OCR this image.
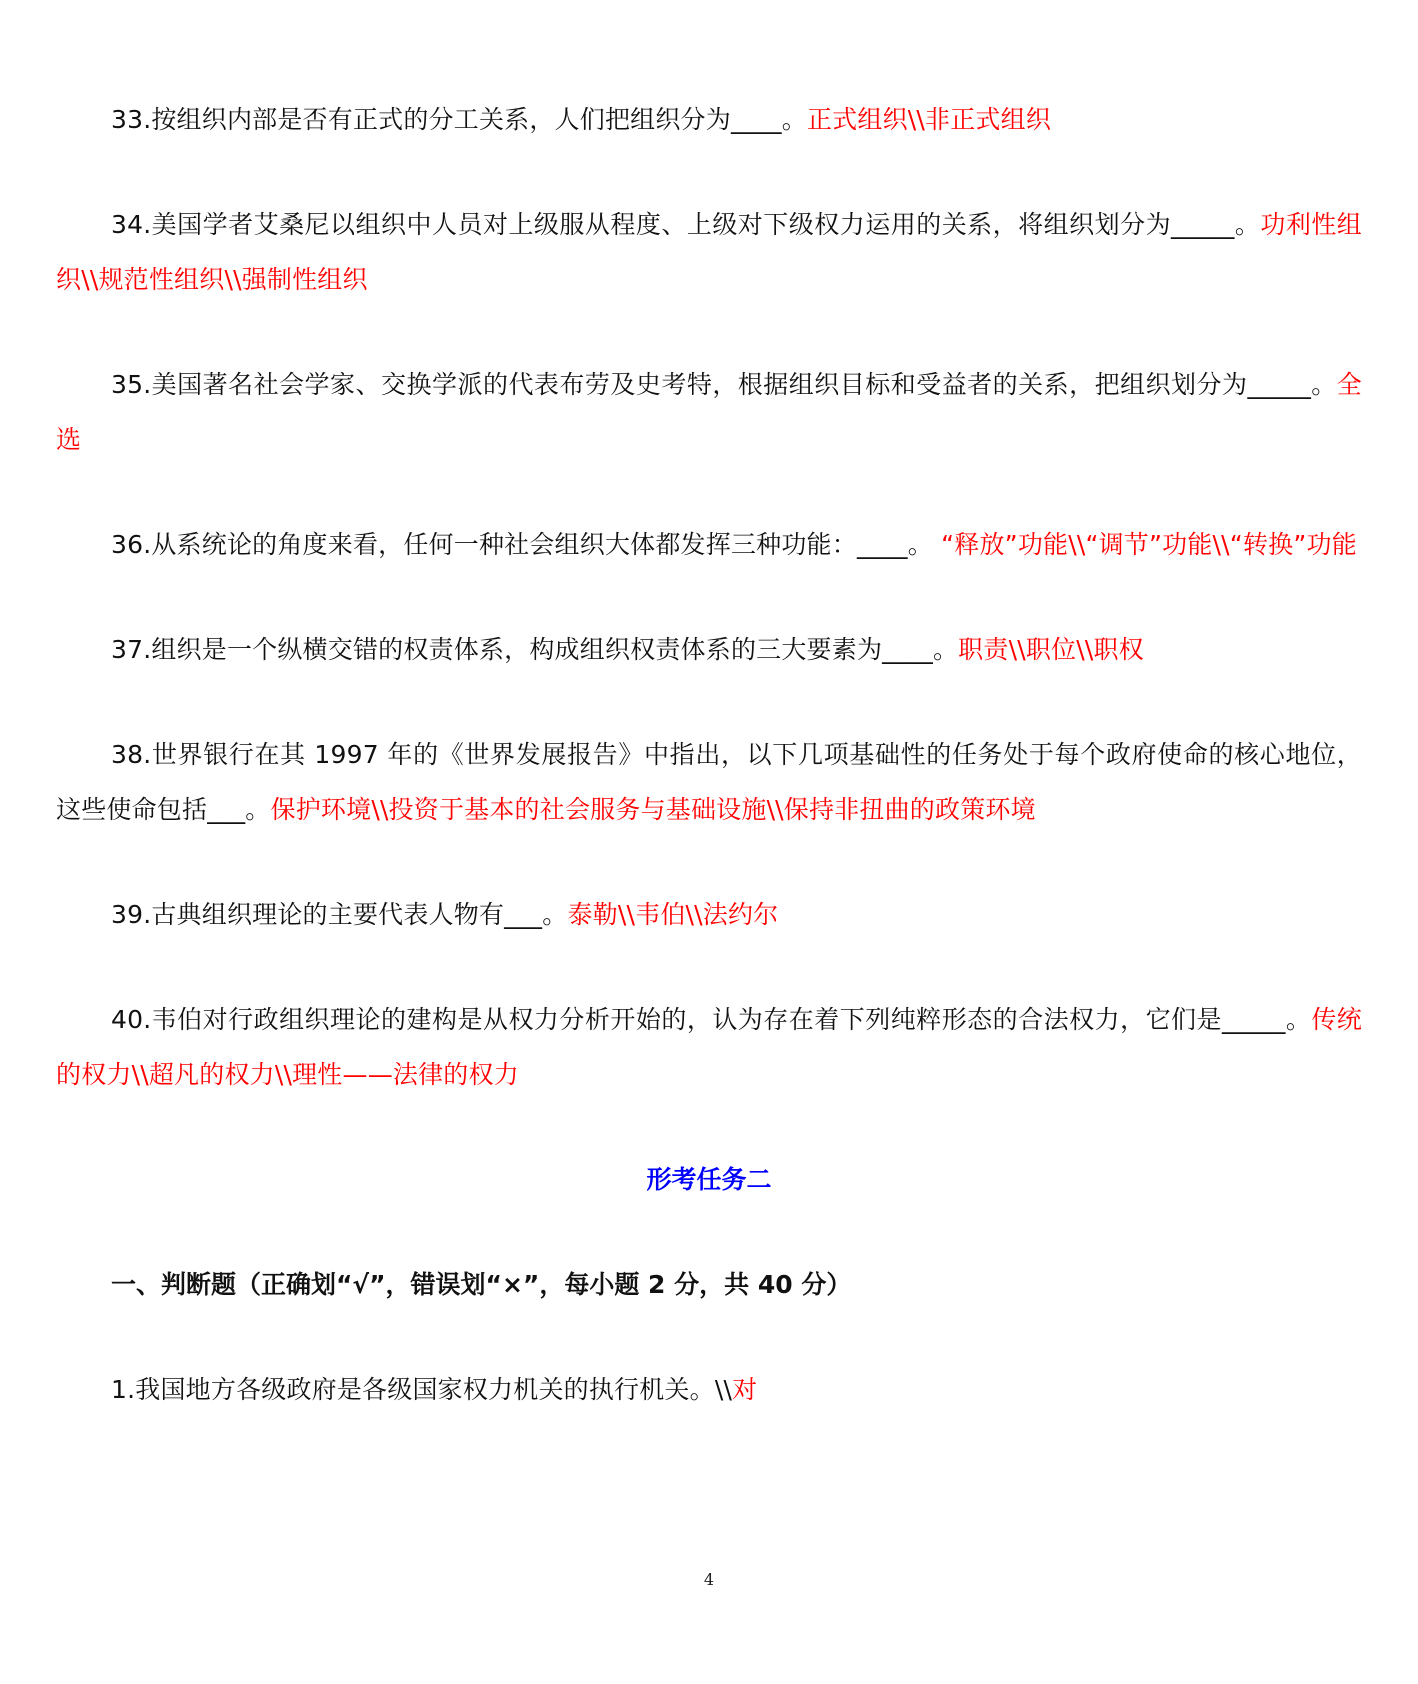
33.按组织内部是否有正式的分工关系，人们把组织分为____。正式组织\\非正式组织

34.美国学者艾桑尼以组织中人员对上级服从程度、上级对下级权力运用的关系，将组织划分为_____。功利性组织\\规范性组织\\强制性组织

35.美国著名社会学家、交换学派的代表布劳及史考特，根据组织目标和受益者的关系，把组织划分为_____。全选

36.从系统论的角度来看，任何一种社会组织大体都发挥三种功能：____。 “释放”功能\\“调节”功能\\“转换”功能

37.组织是一个纵横交错的权责体系，构成组织权责体系的三大要素为____。职责\\职位\\职权

38.世界银行在其 1997 年的《世界发展报告》中指出，以下几项基础性的任务处于每个政府使命的核心地位，这些使命包括___。保护环境\\投资于基本的社会服务与基础设施\\保持非扭曲的政策环境

39.古典组织理论的主要代表人物有___。泰勒\\韦伯\\法约尔

40.韦伯对行政组织理论的建构是从权力分析开始的，认为存在着下列纯粹形态的合法权力，它们是_____。传统的权力\\超凡的权力\\理性——法律的权力

形考任务二
一、判断题（正确划“√”，错误划“×”，每小题 2 分，共 40 分）

1.我国地方各级政府是各级国家权力机关的执行机关。\\对

4
